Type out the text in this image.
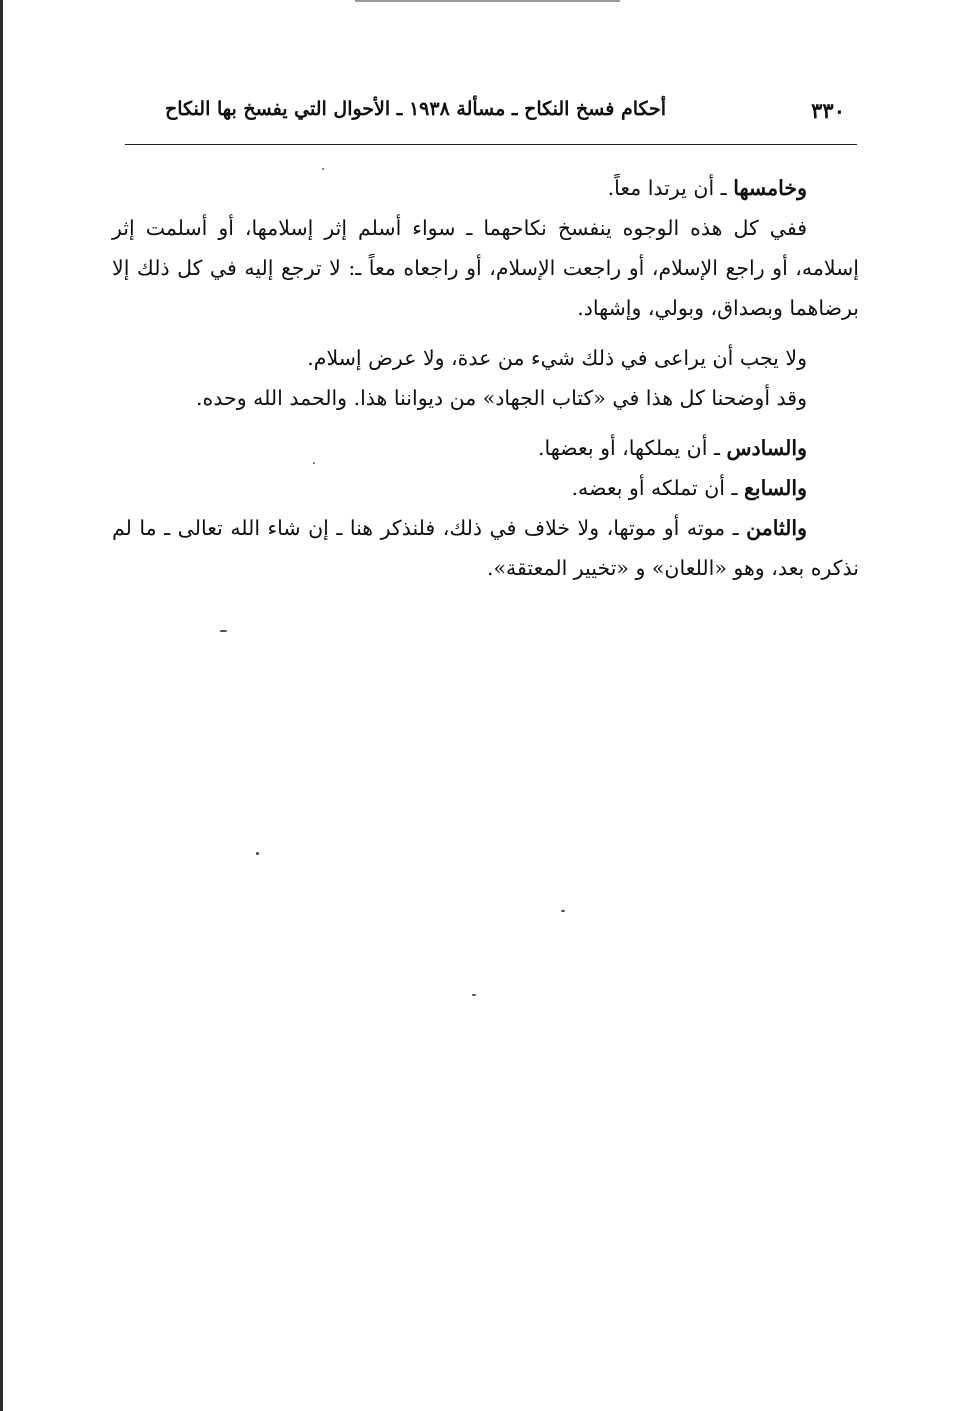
٣٣٠
أحكام فسخ النكاح ـ مسألة ١٩٣٨ ـ الأحوال التي يفسخ بها النكاح

وخامسها ـ أن يرتدا معاً.

ففي كل هذه الوجوه ينفسخ نكاحهما ـ سواء أسلم إثر إسلامها، أو أسلمت إثر إسلامه، أو راجع الإسلام، أو راجعت الإسلام، أو راجعاه معاً ـ: لا ترجع إليه في كل ذلك إلا برضاهما وبصداق، وبولي، وإشهاد.

ولا يجب أن يراعى في ذلك شيء من عدة، ولا عرض إسلام.

وقد أوضحنا كل هذا في «كتاب الجهاد» من ديواننا هذا. والحمد الله وحده.

والسادس ـ أن يملكها، أو بعضها.

والسابع ـ أن تملكه أو بعضه.

والثامن ـ موته أو موتها، ولا خلاف في ذلك، فلنذكر هنا ـ إن شاء الله تعالى ـ ما لم نذكره بعد، وهو «اللعان» و «تخيير المعتقة».
